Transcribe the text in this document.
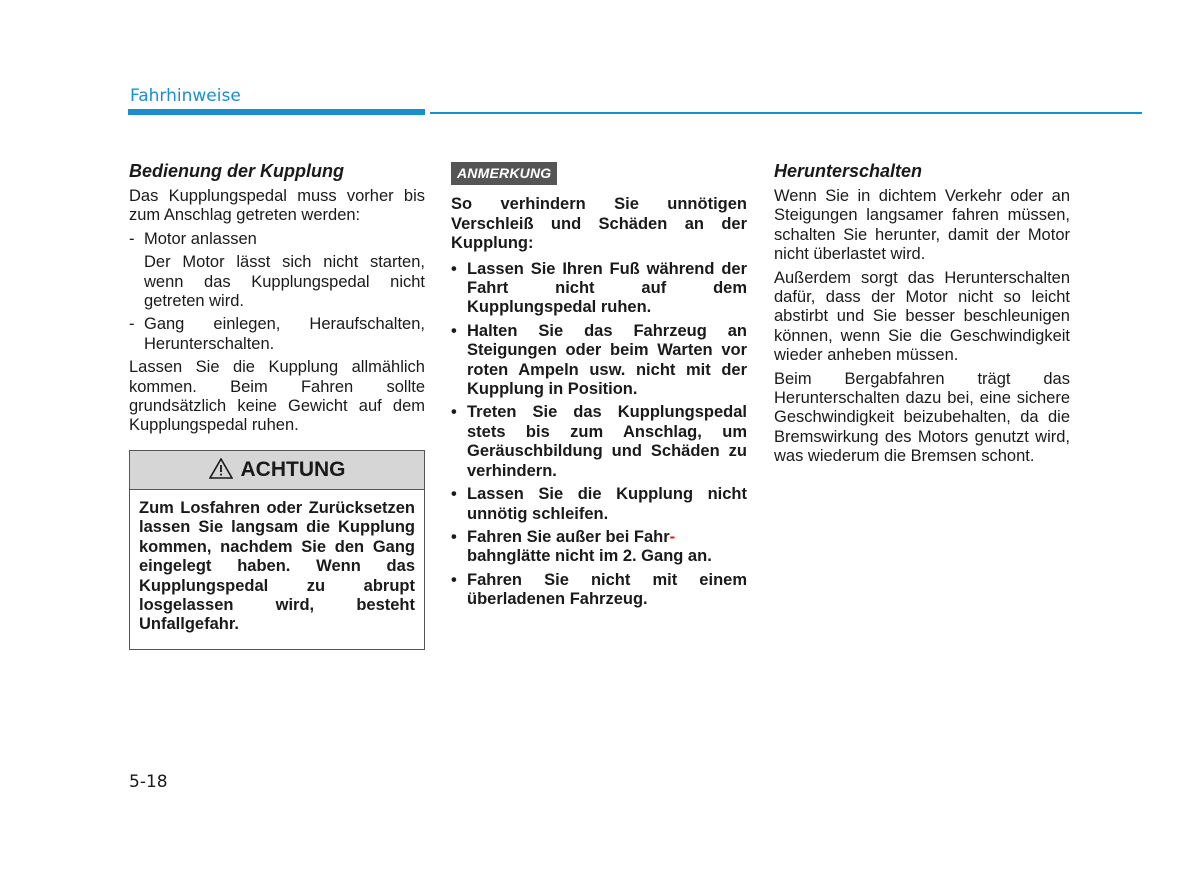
Fahrhinweise
Bedienung der Kupplung

Das Kupplungspedal muss vorher bis zum Anschlag getreten werden:

- Motor anlassen

Der Motor lässt sich nicht starten, wenn das Kupplungspedal nicht getreten wird.

- Gang einlegen, Heraufschalten, Herunterschalten.

Lassen Sie die Kupplung allmählich kommen. Beim Fahren sollte grundsätzlich keine Gewicht auf dem Kupplungspedal ruhen.

ACHTUNG
Zum Losfahren oder Zurücksetzen lassen Sie langsam die Kupplung kommen, nachdem Sie den Gang eingelegt haben. Wenn das Kupplungspedal zu abrupt losgelassen wird, besteht Unfallgefahr.
ANMERKUNG

So verhindern Sie unnötigen Verschleiß und Schäden an der Kupplung:

• Lassen Sie Ihren Fuß während der Fahrt nicht auf dem Kupplungspedal ruhen.
• Halten Sie das Fahrzeug an Steigungen oder beim Warten vor roten Ampeln usw. nicht mit der Kupplung in Position.
• Treten Sie das Kupplungspedal stets bis zum Anschlag, um Geräuschbildung und Schäden zu verhindern.
• Lassen Sie die Kupplung nicht unnötig schleifen.
• Fahren Sie außer bei Fahr-
bahnglätte nicht im 2. Gang an.
• Fahren Sie nicht mit einem überladenen Fahrzeug.
Herunterschalten

Wenn Sie in dichtem Verkehr oder an Steigungen langsamer fahren müssen, schalten Sie herunter, damit der Motor nicht überlastet wird.

Außerdem sorgt das Herunterschalten dafür, dass der Motor nicht so leicht abstirbt und Sie besser beschleunigen können, wenn Sie die Geschwindigkeit wieder anheben müssen.

Beim Bergabfahren trägt das Herunterschalten dazu bei, eine sichere Geschwindigkeit beizubehalten, da die Bremswirkung des Motors genutzt wird, was wiederum die Bremsen schont.

5-18
